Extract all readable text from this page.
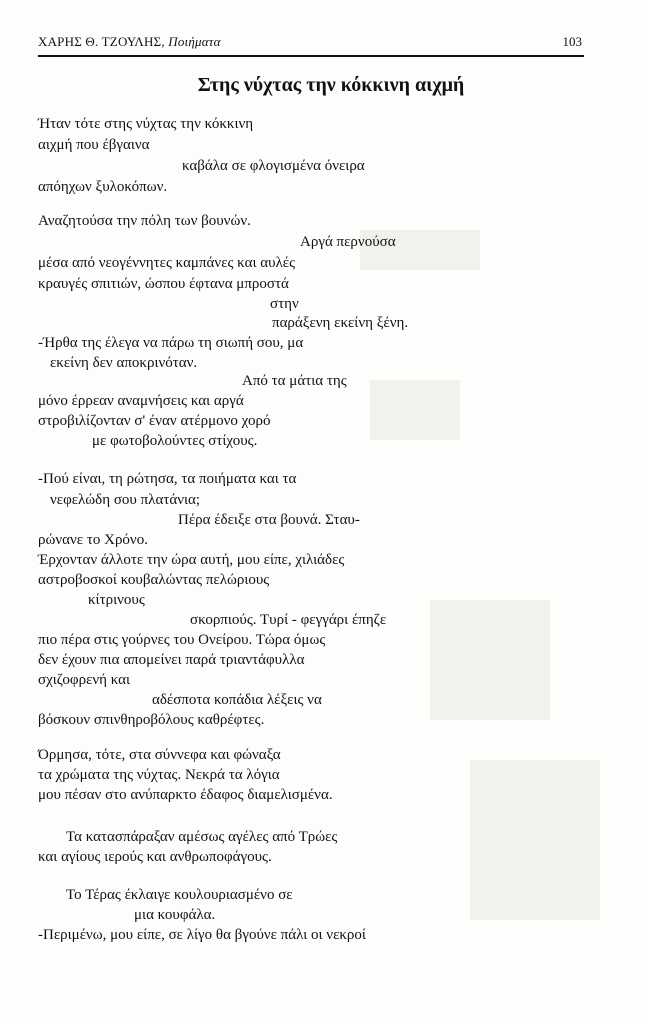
ΧΑΡΗΣ Θ. ΤΖΟΥΛΗΣ, Ποιήματα	103
Στης νύχτας την κόκκινη αιχμή
Ήταν τότε στης νύχτας την κόκκινη
αιχμή που έβγαινα
καβάλα σε φλογισμένα όνειρα
απόηχων ξυλοκόπων.
Αναζητούσα την πόλη των βουνών.
Αργά περνούσα
μέσα από νεογέννητες καμπάνες και αυλές
κραυγές σπιτιών, ώσπου έφτανα μπροστά
στην
παράξενη εκείνη ξένη.
-Ήρθα της έλεγα να πάρω τη σιωπή σου, μα
εκείνη δεν αποκρινόταν.
Από τα μάτια της
μόνο έρρεαν αναμνήσεις και αργά
στροβιλίζονταν σ' έναν ατέρμονο χορό
με φωτοβολούντες στίχους.
-Πού είναι, τη ρώτησα, τα ποιήματα και τα
νεφελώδη σου πλατάνια;
Πέρα έδειξε στα βουνά. Σταυ-
ρώνανε το Χρόνο.
Έρχονταν άλλοτε την ώρα αυτή, μου είπε, χιλιάδες
αστροβοσκοί κουβαλώντας πελώριους
κίτρινους
σκορπιούς. Τυρί - φεγγάρι έπηζε
πιο πέρα στις γούρνες του Ονείρου. Τώρα όμως
δεν έχουν πια απομείνει παρά τριαντάφυλλα
σχιζοφρενή και
αδέσποτα κοπάδια λέξεις να
βόσκουν σπινθηροβόλους καθρέφτες.
Όρμησα, τότε, στα σύννεφα και φώναξα
τα χρώματα της νύχτας. Νεκρά τα λόγια
μου πέσαν στο ανύπαρκτο έδαφος διαμελισμένα.
Τα κατασπάραξαν αμέσως αγέλες από Τρώες
και αγίους ιερούς και ανθρωποφάγους.
Το Τέρας έκλαιγε κουλουριασμένο σε
μια κουφάλα.
-Περιμένω, μου είπε, σε λίγο θα βγούνε πάλι οι νεκροί
